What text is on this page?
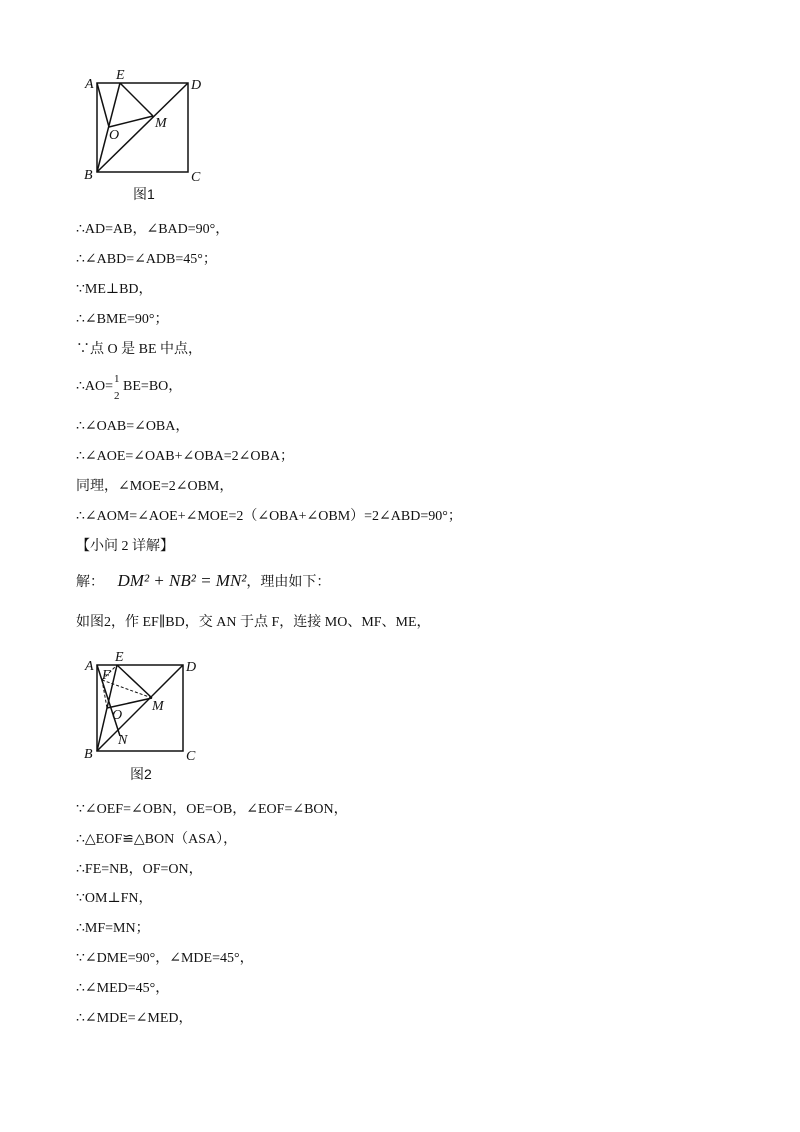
A
E
D
O
M
B	C
图1
∴AD=AB，∠BAD=90°，
∴∠ABD=∠ADB=45°；
∵ME⊥BD，
∴∠BME=90°；
∵点 O 是 BE 中点，
∴AO= 1
2
BE=BO，
∴∠OAB=∠OBA，
∴∠AOE=∠OAB+∠OBA=2∠OBA；
同理，∠MOE=2∠OBM，
∴∠AOM=∠AOE+∠MOE=2（∠OBA+∠OBM）=2∠ABD=90°；
【小问 2 详解】
解： DM² + NB² = MN²，理由如下：
如图2，作 EF∥BD，交 AN 于点 F，连接 MO、MF、ME，
A
E
D
F
O
M
N
B	C
图2
∵∠OEF=∠OBN，OE=OB，∠EOF=∠BON，
∴△EOF≌△BON（ASA），
∴FE=NB，OF=ON，
∵OM⊥FN，
∴MF=MN；
∵∠DME=90°，∠MDE=45°，
∴∠MED=45°，
∴∠MDE=∠MED，
